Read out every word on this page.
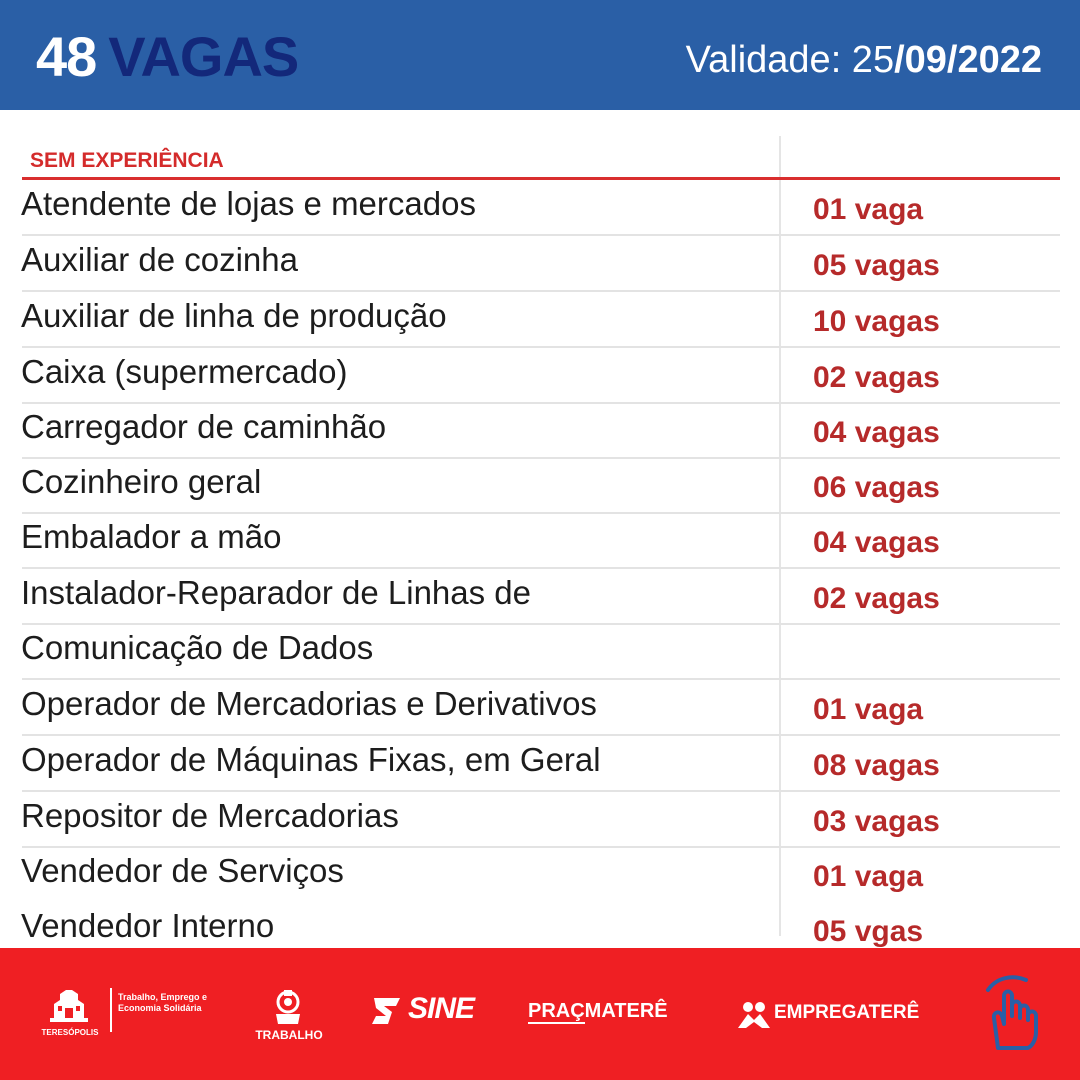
48 VAGAS	Validade: 25/09/2022
SEM EXPERIÊNCIA
Atendente de lojas e mercados	01 vaga
Auxiliar de cozinha	05 vagas
Auxiliar de linha de produção	10 vagas
Caixa (supermercado)	02 vagas
Carregador de caminhão	04 vagas
Cozinheiro geral	06 vagas
Embalador a mão	04 vagas
Instalador-Reparador de Linhas de	02 vagas
Comunicação de Dados
Operador de Mercadorias e Derivativos	01 vaga
Operador de Máquinas Fixas, em Geral	08 vagas
Repositor de Mercadorias	03 vagas
Vendedor de Serviços	01 vaga
Vendedor Interno	05 vgas
TERESÓPOLIS
Trabalho, Emprego e Economia Solidária
TRABALHO
SINE	PRAÇMATERÊ	EMPREGATERÊ
